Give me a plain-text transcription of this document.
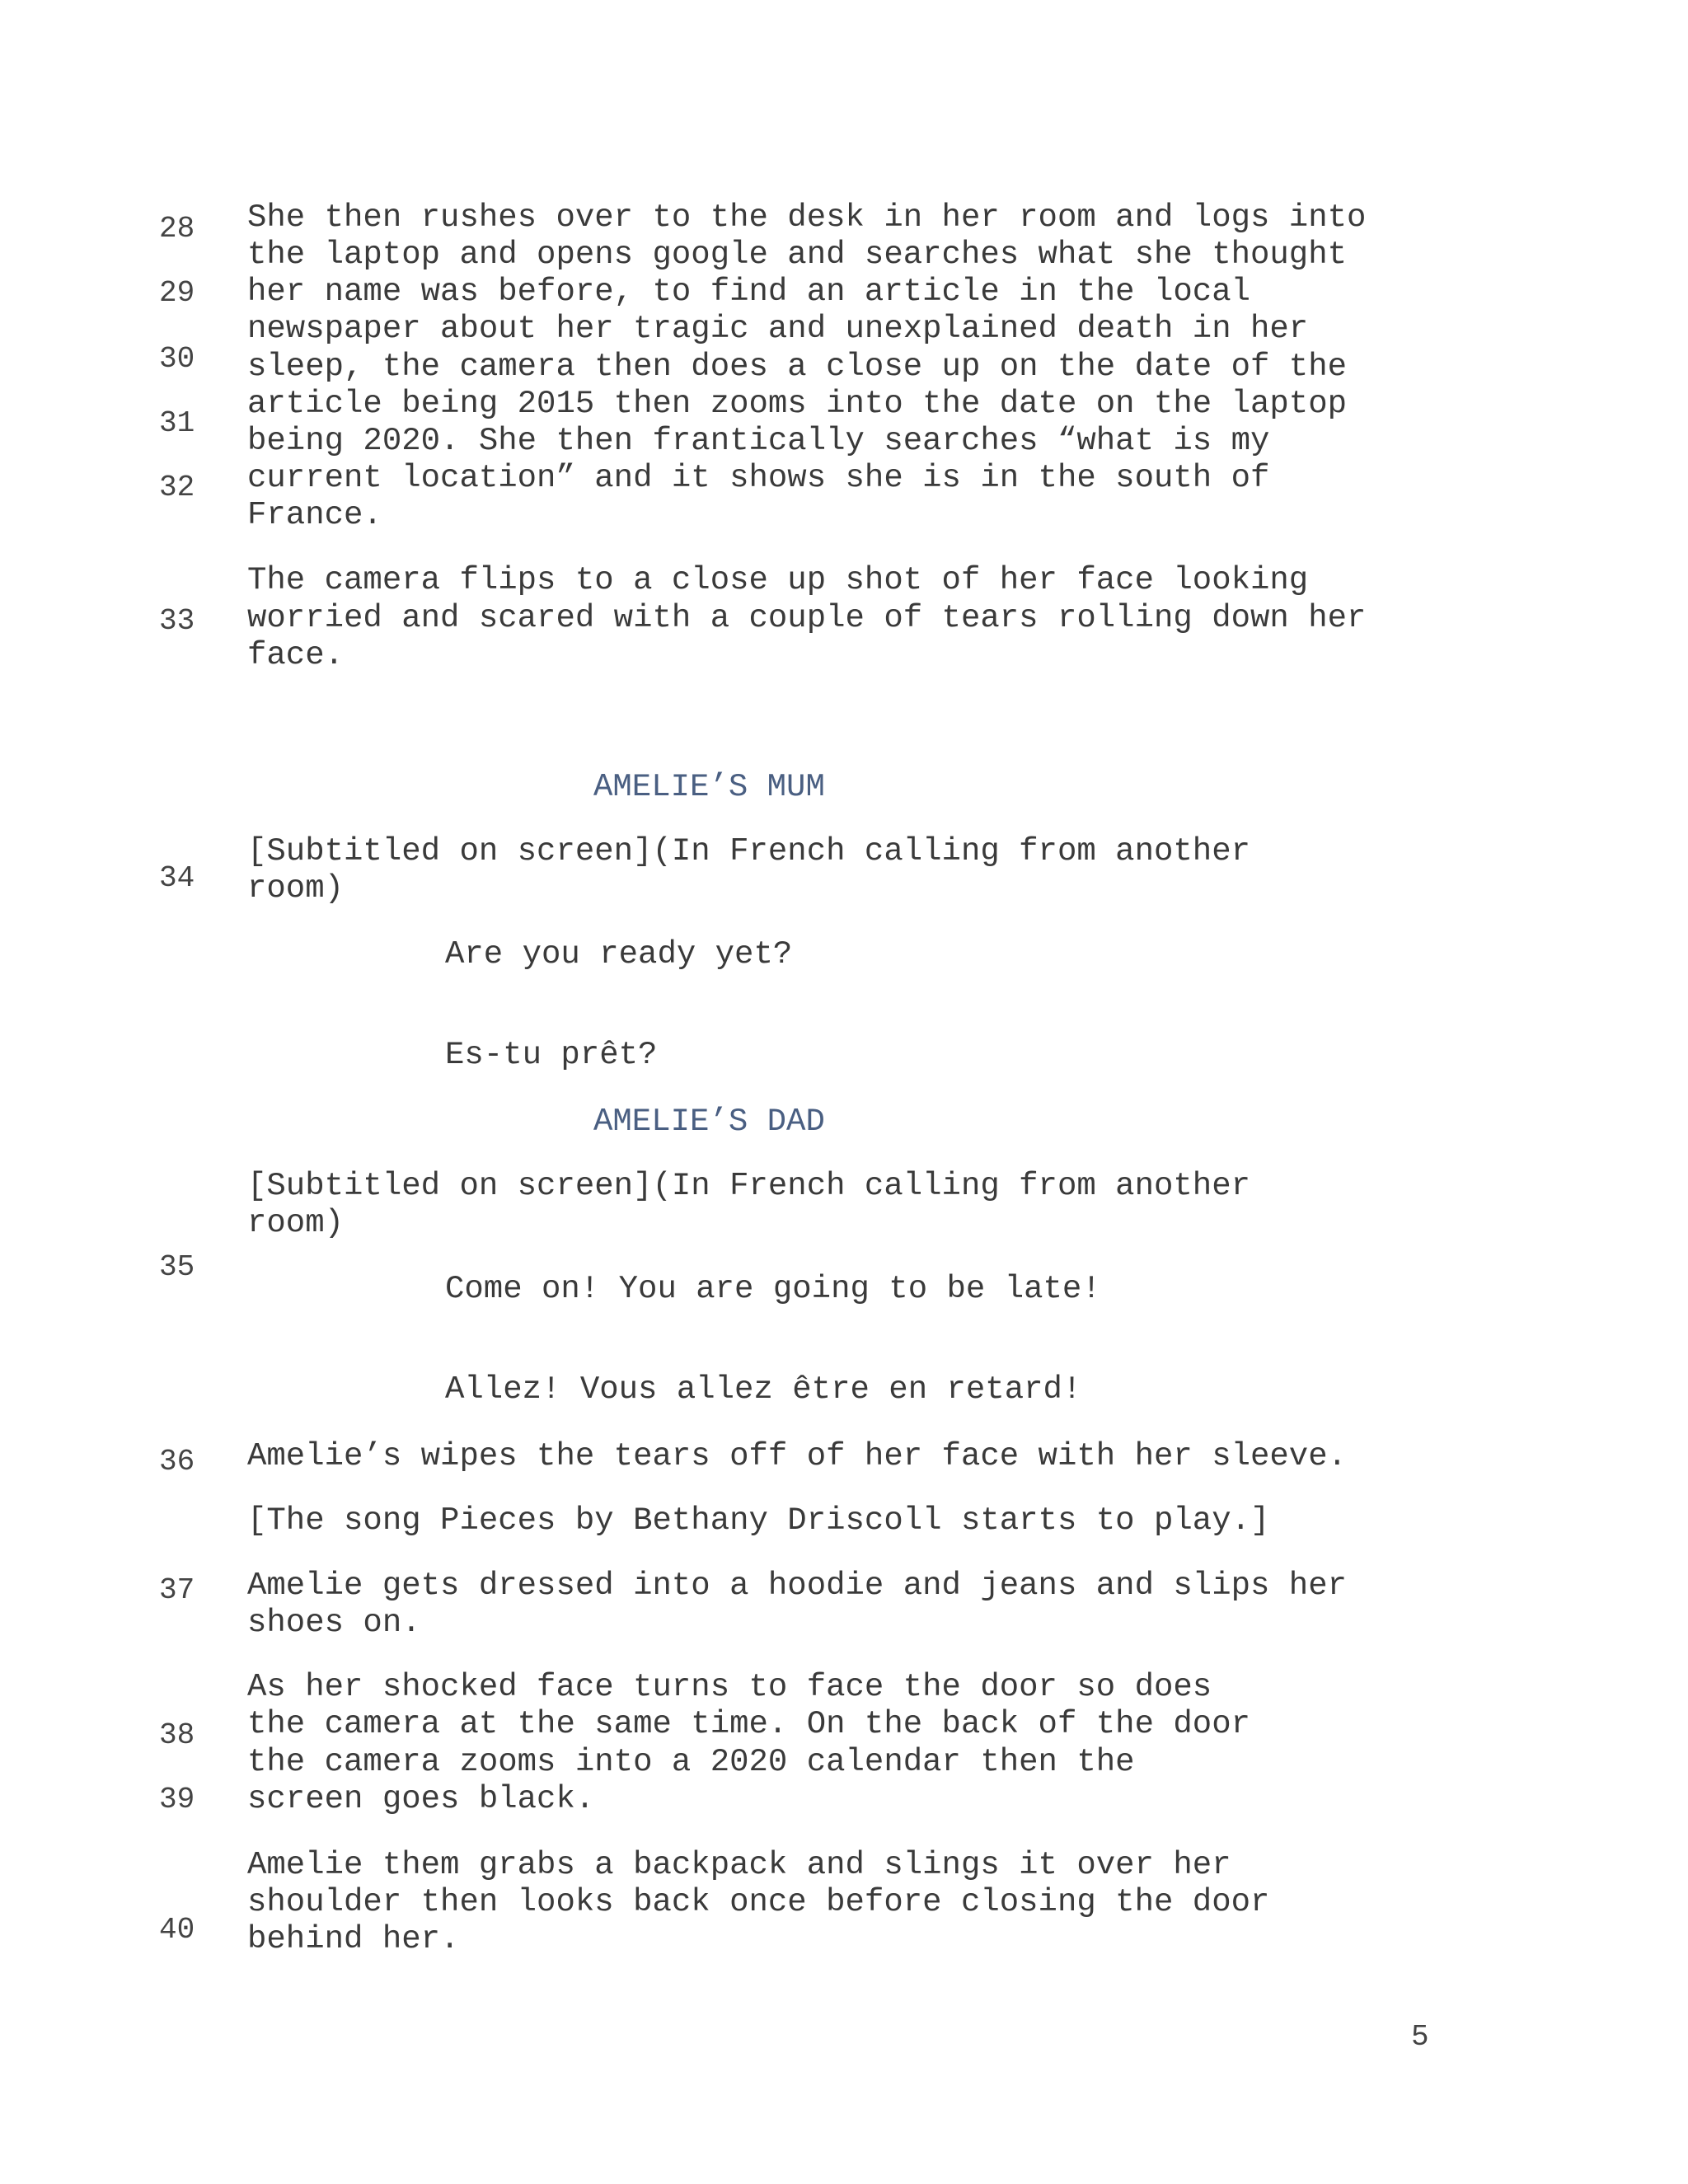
28
29
30
31
32
33
34
35
36
37
38
39
40
She then rushes over to the desk in her room and logs into
the laptop and opens google and searches what she thought
her name was before, to find an article in the local
newspaper about her tragic and unexplained death in her
sleep, the camera then does a close up on the date of the
article being 2015 then zooms into the date on the laptop
being 2020. She then frantically searches “what is my
current location” and it shows she is in the south of
France.
The camera flips to a close up shot of her face looking
worried and scared with a couple of tears rolling down her
face.
AMELIE’S MUM
[Subtitled on screen](In French calling from another
room)
Are you ready yet?
Es-tu prêt?
AMELIE’S DAD
[Subtitled on screen](In French calling from another
room)
Come on! You are going to be late!
Allez! Vous allez être en retard!
Amelie’s wipes the tears off of her face with her sleeve.
[The song Pieces by Bethany Driscoll starts to play.]
Amelie gets dressed into a hoodie and jeans and slips her
shoes on.
As her shocked face turns to face the door so does
the camera at the same time. On the back of the door
the camera zooms into a 2020 calendar then the
screen goes black.
Amelie them grabs a backpack and slings it over her
shoulder then looks back once before closing the door
behind her.
5
